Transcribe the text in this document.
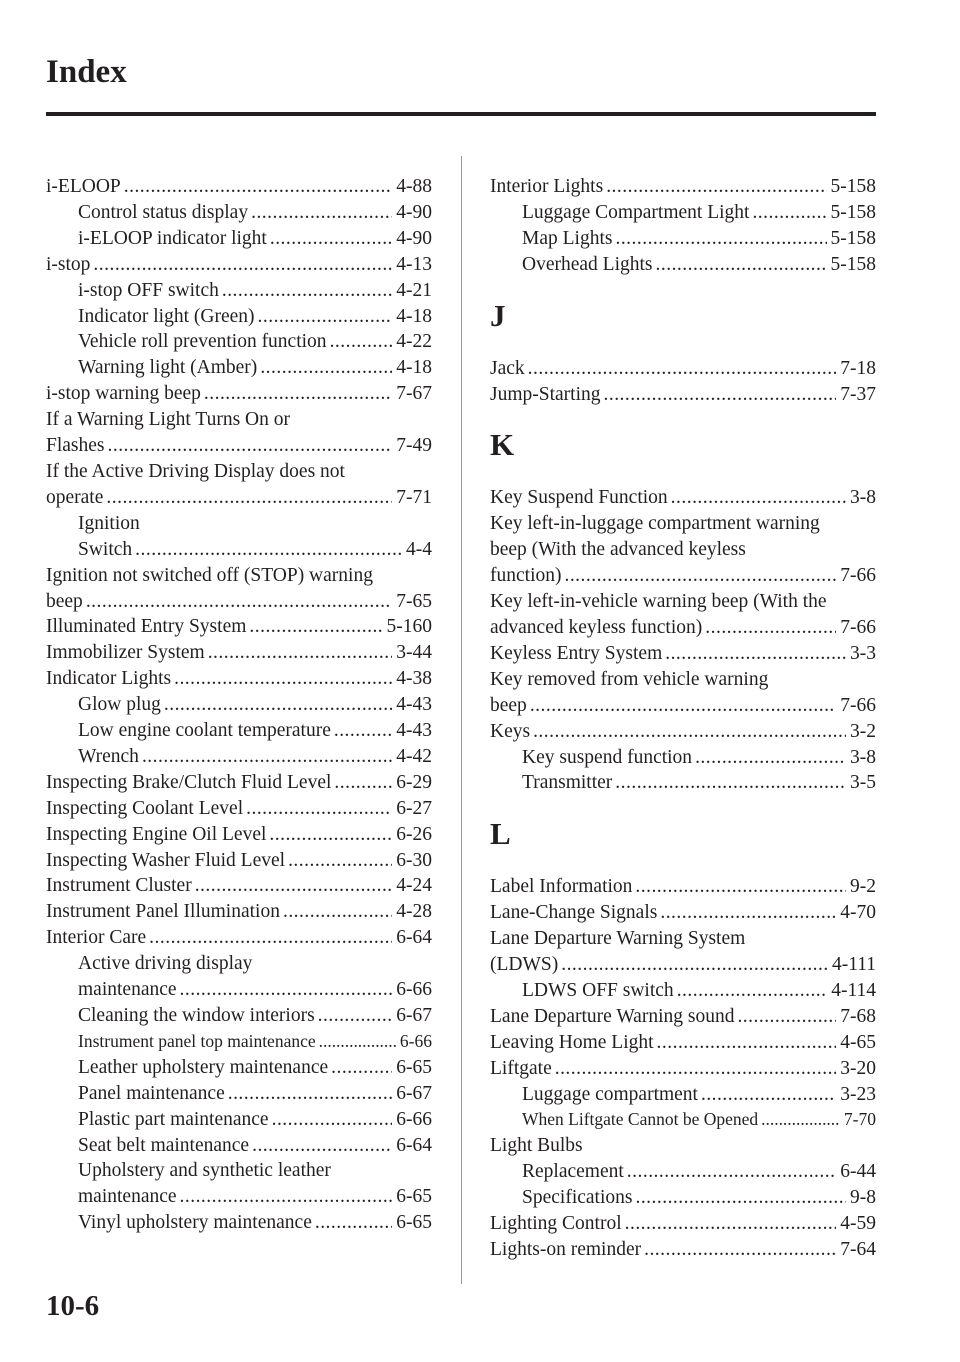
Index
i-ELOOP . . .	4-88
Control status display . . .	4-90
i-ELOOP indicator light . . .	4-90
i-stop . . .	4-13
i-stop OFF switch . . .	4-21
Indicator light (Green) . . .	4-18
Vehicle roll prevention function . . .	4-22
Warning light (Amber) . . .	4-18
i-stop warning beep . . .	7-67
If a Warning Light Turns On or
Flashes . . .	7-49
If the Active Driving Display does not
operate . . .	7-71
Ignition
Switch . . .	4-4
Ignition not switched off (STOP) warning
beep . . .	7-65
Illuminated Entry System . . .	5-160
Immobilizer System . . .	3-44
Indicator Lights . . .	4-38
Glow plug . . .	4-43
Low engine coolant temperature . . .	4-43
Wrench . . .	4-42
Inspecting Brake/Clutch Fluid Level . . .	6-29
Inspecting Coolant Level . . .	6-27
Inspecting Engine Oil Level . . .	6-26
Inspecting Washer Fluid Level . . .	6-30
Instrument Cluster . . .	4-24
Instrument Panel Illumination . . .	4-28
Interior Care . . .	6-64
Active driving display
maintenance . . .	6-66
Cleaning the window interiors . . .	6-67
Instrument panel top maintenance . . .	6-66
Leather upholstery maintenance . . .	6-65
Panel maintenance . . .	6-67
Plastic part maintenance . . .	6-66
Seat belt maintenance . . .	6-64
Upholstery and synthetic leather
maintenance . . .	6-65
Vinyl upholstery maintenance . . .	6-65
Interior Lights . . .	5-158
Luggage Compartment Light . . .	5-158
Map Lights . . .	5-158
Overhead Lights . . .	5-158
J
Jack . . .	7-18
Jump-Starting . . .	7-37
K
Key Suspend Function . . .	3-8
Key left-in-luggage compartment warning
beep (With the advanced keyless
function) . . .	7-66
Key left-in-vehicle warning beep (With the
advanced keyless function) . . .	7-66
Keyless Entry System . . .	3-3
Key removed from vehicle warning
beep . . .	7-66
Keys . . .	3-2
Key suspend function . . .	3-8
Transmitter . . .	3-5
L
Label Information . . .	9-2
Lane-Change Signals . . .	4-70
Lane Departure Warning System
(LDWS) . . .	4-111
LDWS OFF switch . . .	4-114
Lane Departure Warning sound . . .	7-68
Leaving Home Light . . .	4-65
Liftgate . . .	3-20
Luggage compartment . . .	3-23
When Liftgate Cannot be Opened . . .	7-70
Light Bulbs
Replacement . . .	6-44
Specifications . . .	9-8
Lighting Control . . .	4-59
Lights-on reminder . . .	7-64
10-6
